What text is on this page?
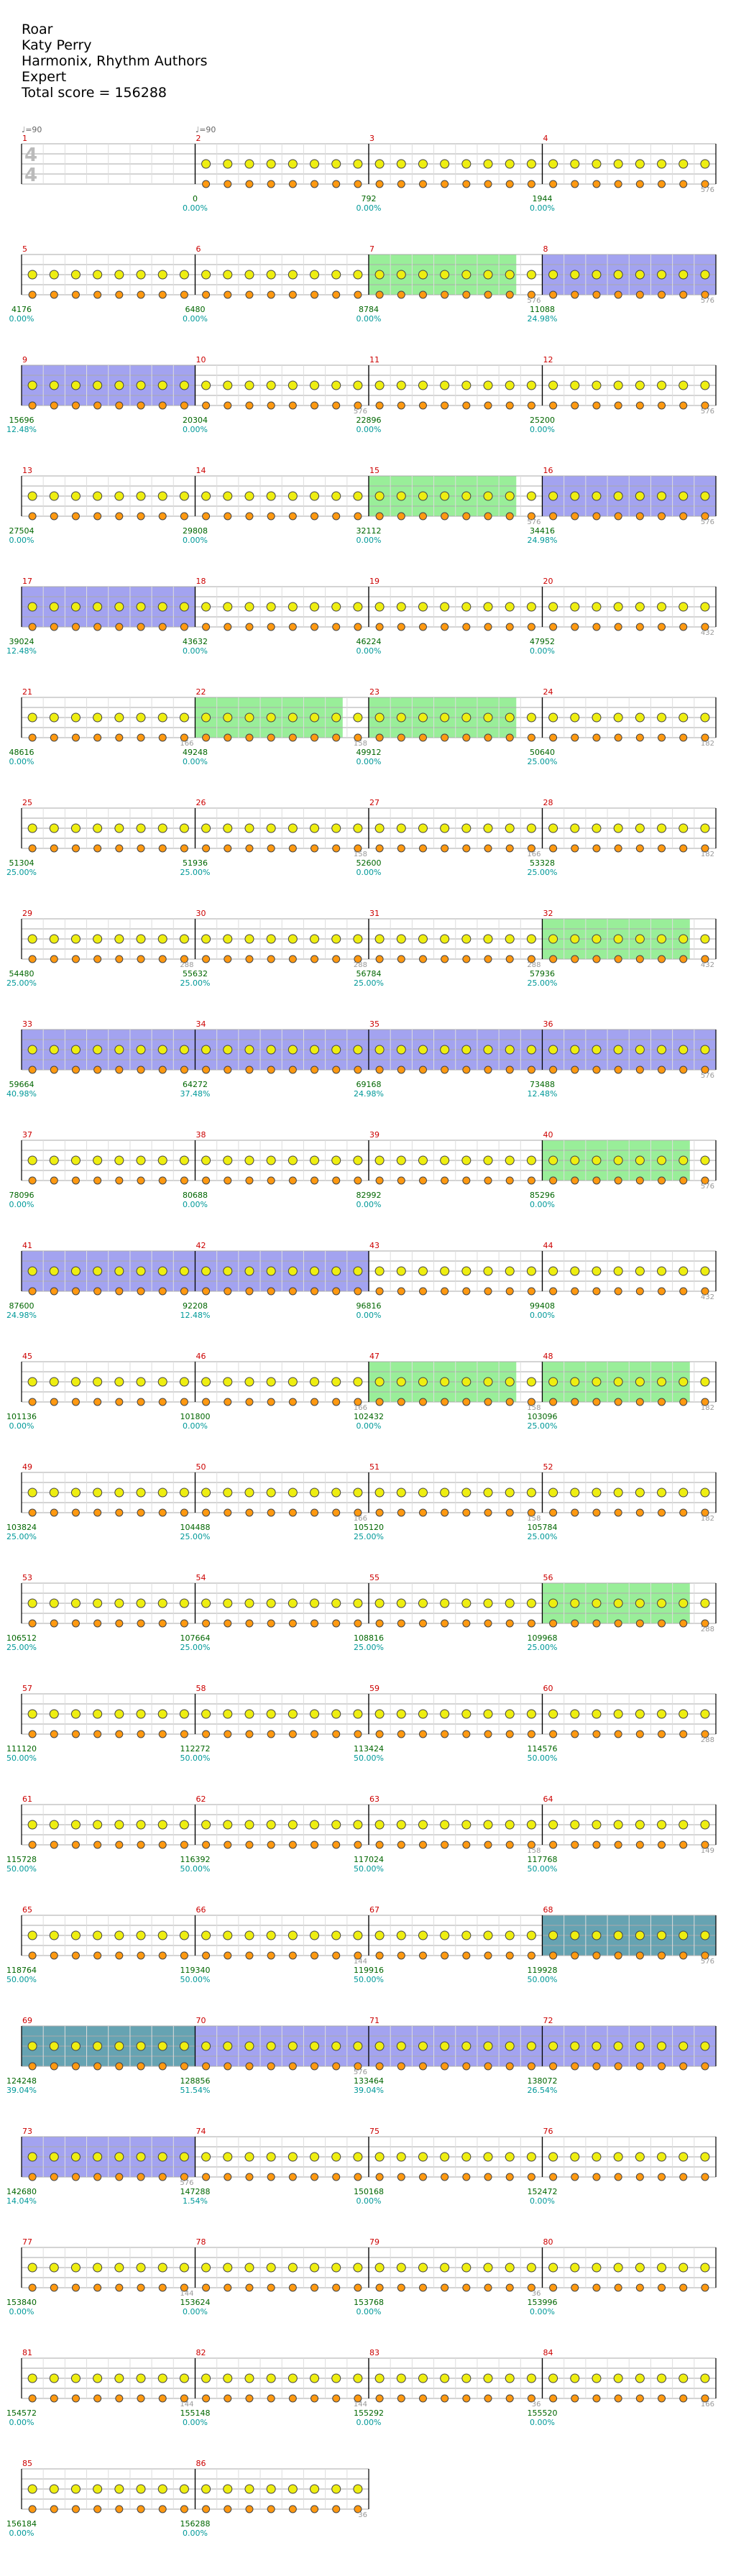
Roar
Katy Perry
Harmonix, Rhythm Authors
Expert
Total score = 156288
♩=90	♩=90
4
4
1	2
0
0.00%
3
792
0.00%
4
576
1944
0.00%
5
4176
0.00%
6
6480
0.00%
7
576
8784
0.00%
8
576
11088
24.98%
9
15696
12.48%
10
576
20304
0.00%
11
22896
0.00%
12
576
25200
0.00%
13
27504
0.00%
14
29808
0.00%
15
576
32112
0.00%
16
576
34416
24.98%
17
39024
12.48%
18
43632
0.00%
19
46224
0.00%
20
432
47952
0.00%
21
166
48616
0.00%
22
158
49248
0.00%
23
49912
0.00%
24
182
50640
25.00%
25
51304
25.00%
26
158
51936
25.00%
27
166
52600
0.00%
28
182
53328
25.00%
29
288
54480
25.00%
30
288
55632
25.00%
31
288
56784
25.00%
32
432
57936
25.00%
33
59664
40.98%
34
64272
37.48%
35
69168
24.98%
36
576
73488
12.48%
37
78096
0.00%
38
80688
0.00%
39
82992
0.00%
40
576
85296
0.00%
41
87600
24.98%
42
92208
12.48%
43
96816
0.00%
44
432
99408
0.00%
45
101136
0.00%
46
166
101800
0.00%
47
158
102432
0.00%
48
182
103096
25.00%
49
103824
25.00%
50
166
104488
25.00%
51
158
105120
25.00%
52
182
105784
25.00%
53
106512
25.00%
54
107664
25.00%
55
108816
25.00%
56
288
109968
25.00%
57
111120
50.00%
58
112272
50.00%
59
113424
50.00%
60
288
114576
50.00%
61
115728
50.00%
62
116392
50.00%
63
158
117024
50.00%
64
149
117768
50.00%
65
118764
50.00%
66
144
119340
50.00%
67
119916
50.00%
68
576
119928
50.00%
69
124248
39.04%
70
576
128856
51.54%
71
133464
39.04%
72
138072
26.54%
73
576
142680
14.04%
74
147288
1.54%
75
150168
0.00%
76
152472
0.00%
77
144
153840
0.00%
78
153624
0.00%
79
36
153768
0.00%
80
153996
0.00%
81
144
154572
0.00%
82
144
155148
0.00%
83
36
155292
0.00%
84
166
155520
0.00%
85
156184
0.00%
86
36
156288
0.00%
